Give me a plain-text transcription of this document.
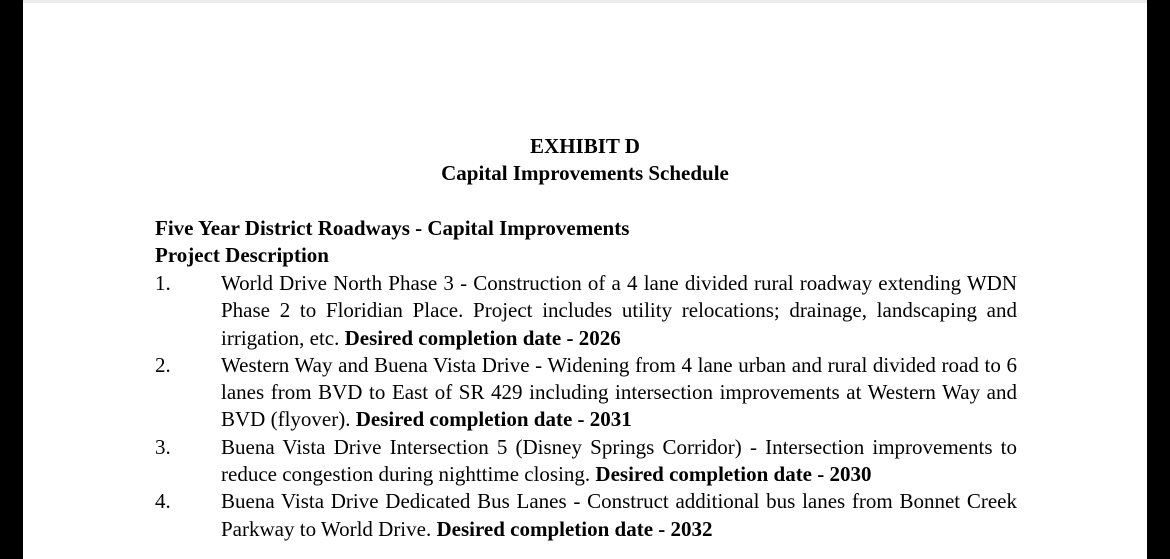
EXHIBIT D
Capital Improvements Schedule
Five Year District Roadways - Capital Improvements
Project Description
1. World Drive North Phase 3 - Construction of a 4 lane divided rural roadway extending WDN Phase 2 to Floridian Place. Project includes utility relocations; drainage, landscaping and irrigation, etc. Desired completion date - 2026
2. Western Way and Buena Vista Drive - Widening from 4 lane urban and rural divided road to 6 lanes from BVD to East of SR 429 including intersection improvements at Western Way and BVD (flyover). Desired completion date - 2031
3. Buena Vista Drive Intersection 5 (Disney Springs Corridor) - Intersection improvements to reduce congestion during nighttime closing. Desired completion date - 2030
4. Buena Vista Drive Dedicated Bus Lanes - Construct additional bus lanes from Bonnet Creek Parkway to World Drive. Desired completion date - 2032
